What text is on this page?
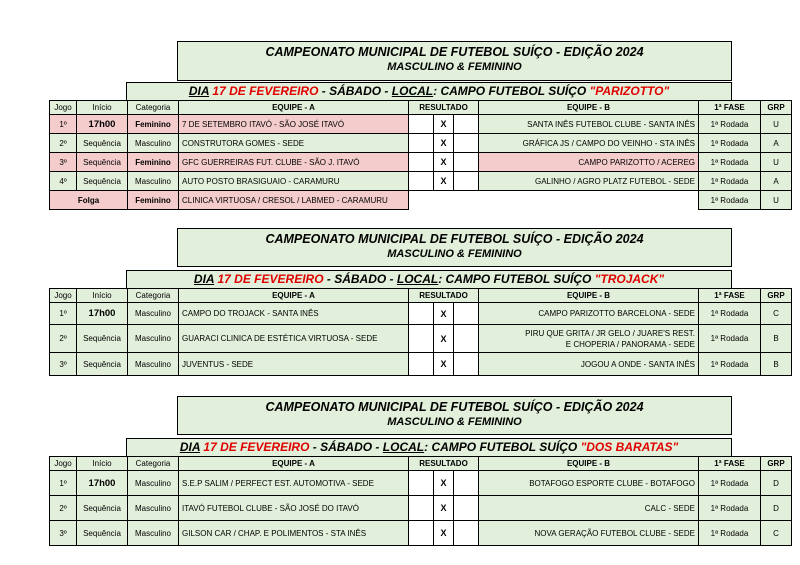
CAMPEONATO MUNICIPAL DE FUTEBOL SUÍÇO - EDIÇÃO 2024
MASCULINO & FEMININO
DIA 17 DE FEVEREIRO - SÁBADO - LOCAL: CAMPO FUTEBOL SUÍÇO "PARIZOTTO"
Jogo	Início	Categoria	EQUIPE - A	RESULTADO			EQUIPE - B	1ª FASE	GRP
1º	17h00	Feminino	7 DE SETEMBRO ITAVÓ - SÃO JOSÉ ITAVÓ		X		SANTA INÊS FUTEBOL CLUBE - SANTA INÊS	1ª Rodada	U
2º	Sequência	Masculino	CONSTRUTORA GOMES - SEDE		X		GRÁFICA JS / CAMPO DO VEINHO - STA INÊS	1ª Rodada	A
3º	Sequência	Feminino	GFC GUERREIRAS FUT. CLUBE - SÃO J. ITAVÓ		X		CAMPO PARIZOTTO / ACEREG	1ª Rodada	U
4º	Sequência	Masculino	AUTO POSTO BRASIGUAIO - CARAMURU		X		GALINHO / AGRO PLATZ FUTEBOL - SEDE	1ª Rodada	A
Folga		Feminino	CLINICA VIRTUOSA / CRESOL / LABMED - CARAMURU					1ª Rodada	U
CAMPEONATO MUNICIPAL DE FUTEBOL SUÍÇO - EDIÇÃO 2024
MASCULINO & FEMININO
DIA 17 DE FEVEREIRO - SÁBADO - LOCAL: CAMPO FUTEBOL SUÍÇO "TROJACK"
Jogo	Início	Categoria	EQUIPE - A	RESULTADO			EQUIPE - B	1ª FASE	GRP
1º	17h00	Masculino	CAMPO DO TROJACK - SANTA INÊS		X		CAMPO PARIZOTTO BARCELONA - SEDE	1ª Rodada	C
2º	Sequência	Masculino	GUARACI CLINICA DE ESTÉTICA VIRTUOSA - SEDE		X		PIRU QUE GRITA / JR GELO / JUARE'S REST.
E CHOPERIA / PANORAMA - SEDE	1ª Rodada	B
3º	Sequência	Masculino	JUVENTUS - SEDE		X		JOGOU A ONDE - SANTA INÊS	1ª Rodada	B
CAMPEONATO MUNICIPAL DE FUTEBOL SUÍÇO - EDIÇÃO 2024
MASCULINO & FEMININO
DIA 17 DE FEVEREIRO - SÁBADO - LOCAL: CAMPO FUTEBOL SUÍÇO "DOS BARATAS"
Jogo	Início	Categoria	EQUIPE - A	RESULTADO			EQUIPE - B	1ª FASE	GRP
1º	17h00	Masculino	S.E.P SALIM / PERFECT EST. AUTOMOTIVA - SEDE		X		BOTAFOGO ESPORTE CLUBE - BOTAFOGO	1ª Rodada	D
2º	Sequência	Masculino	ITAVÓ FUTEBOL CLUBE - SÃO JOSÉ DO ITAVÓ		X		CALC - SEDE	1ª Rodada	D
3º	Sequência	Masculino	GILSON CAR / CHAP. E POLIMENTOS - STA INÊS		X		NOVA GERAÇÃO FUTEBOL CLUBE - SEDE	1ª Rodada	C
